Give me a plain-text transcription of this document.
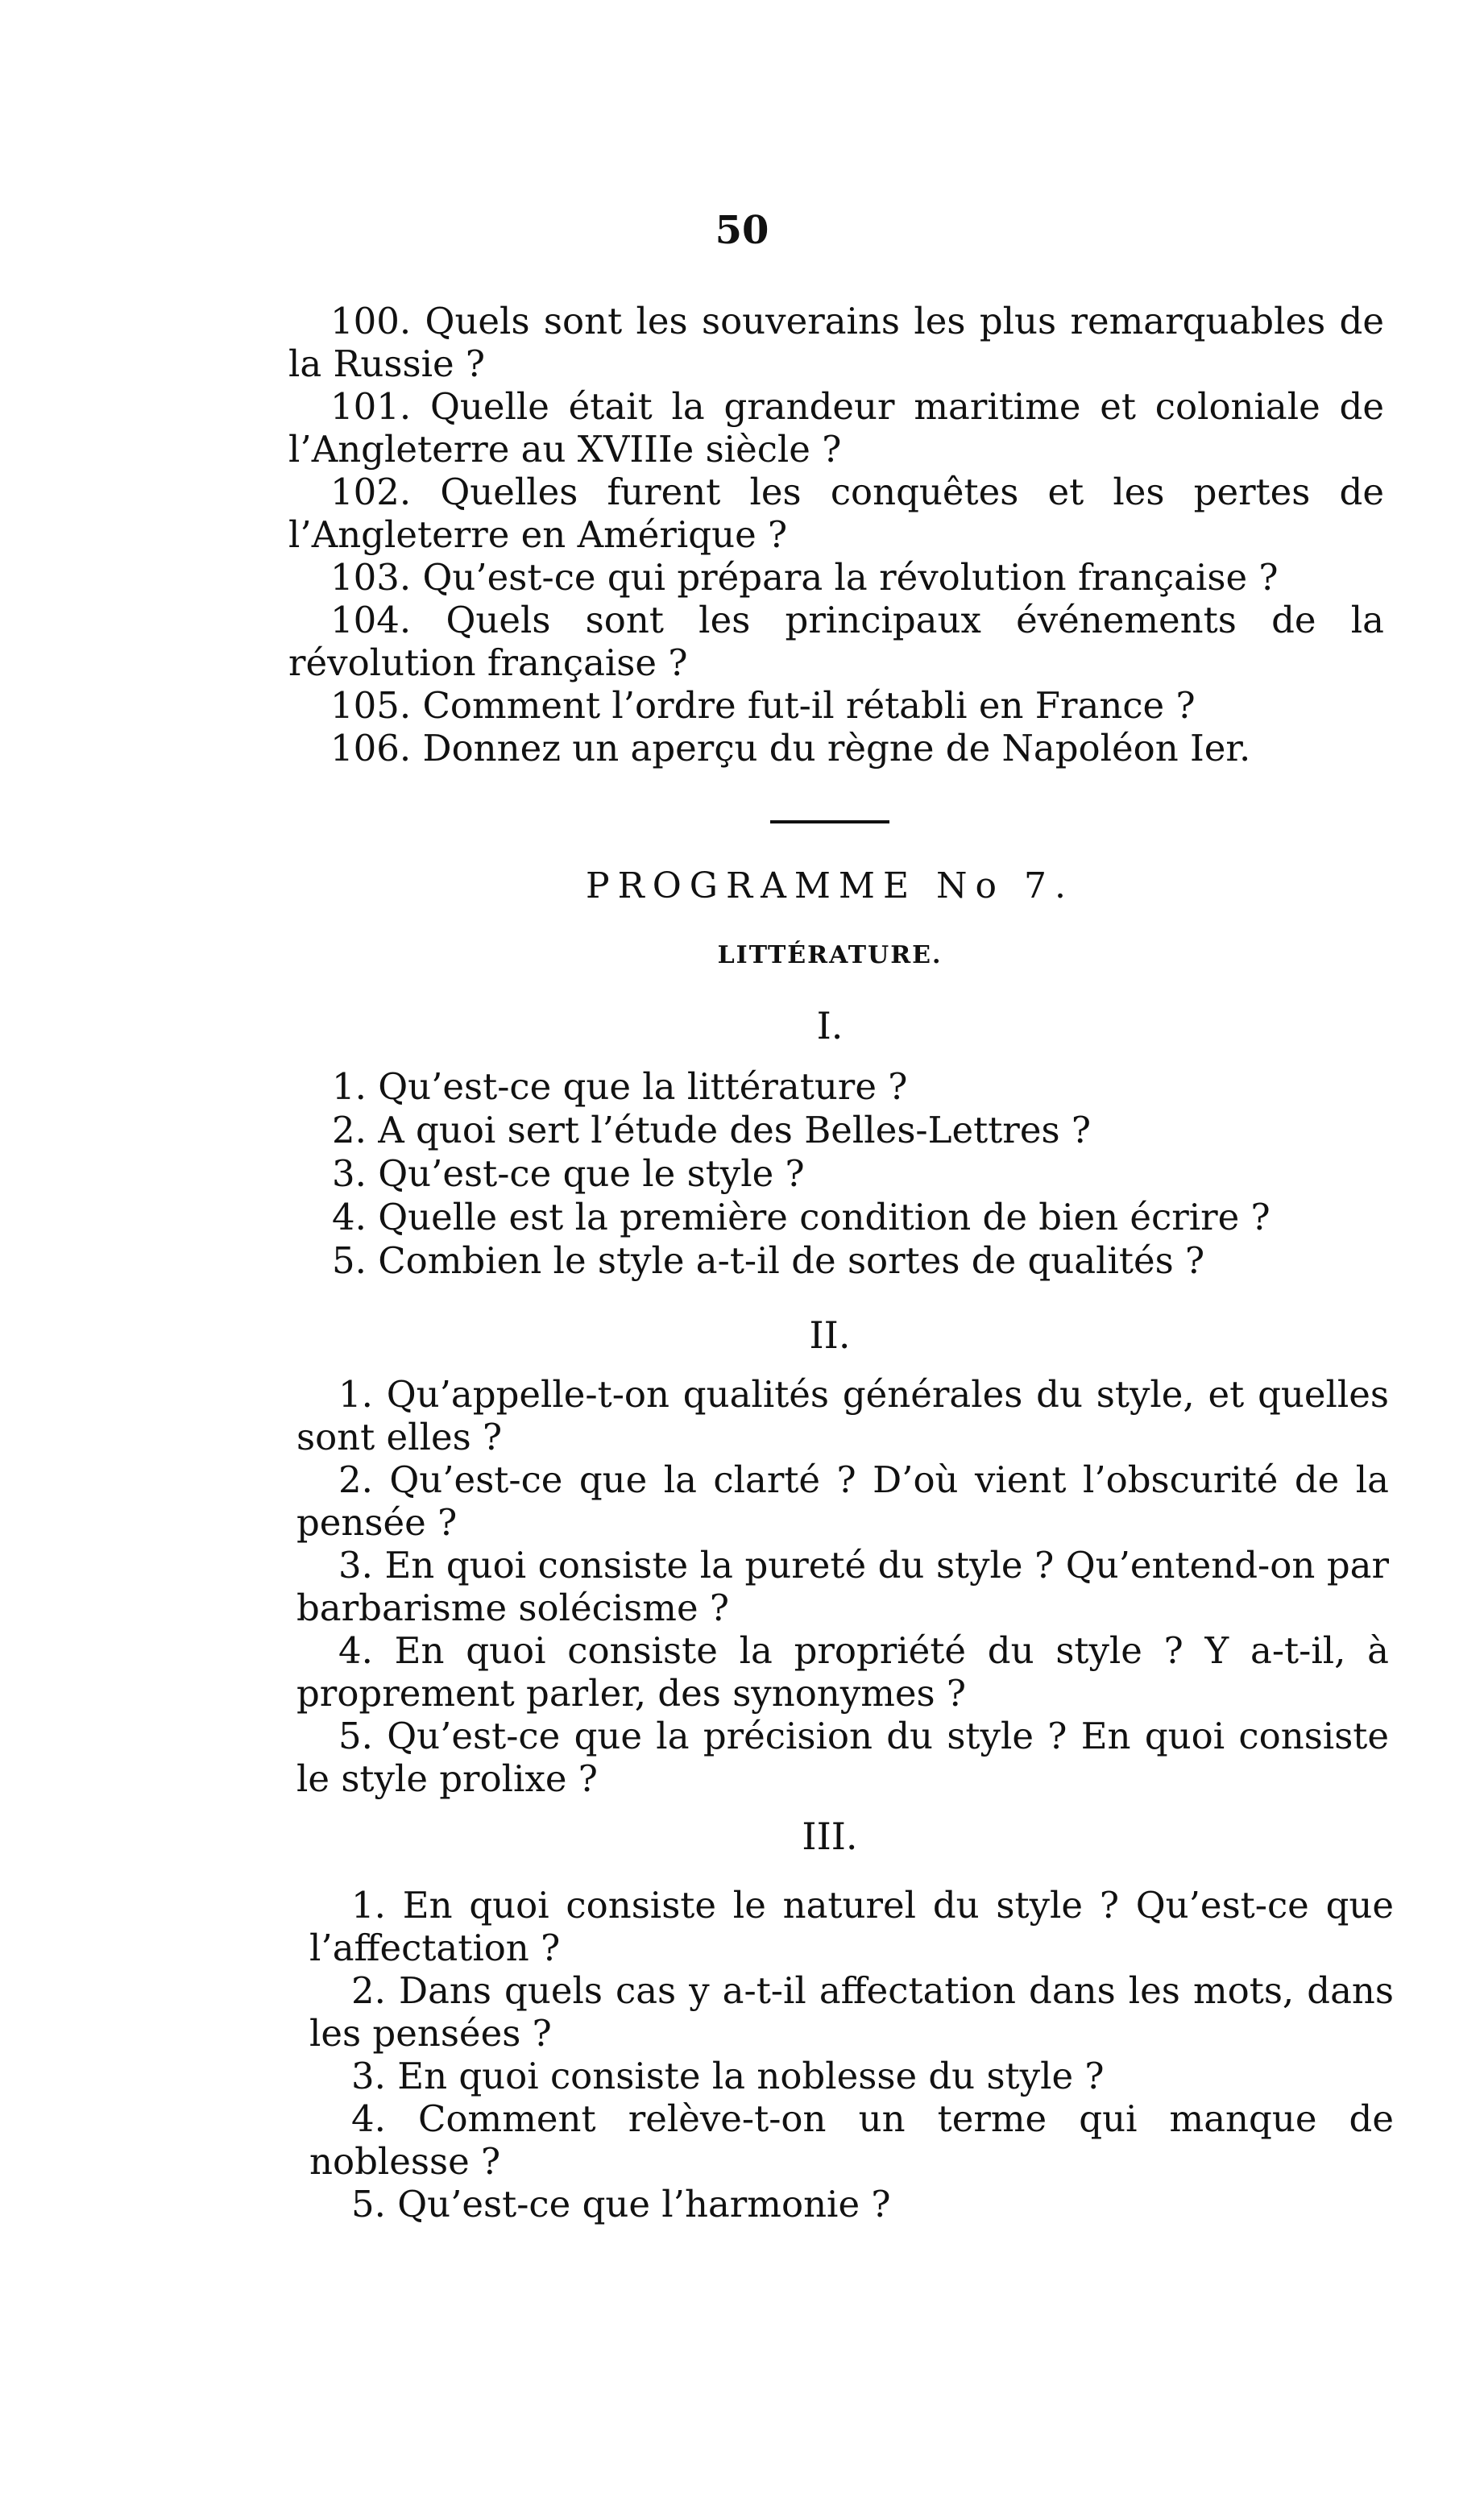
50

100. Quels sont les souverains les plus remarquables de la Russie ?

101. Quelle était la grandeur maritime et coloniale de l’Angleterre au XVIIIe siècle ?

102. Quelles furent les conquêtes et les pertes de l’Angleterre en Amérique ?

103. Qu’est-ce qui prépara la révolution française ?

104. Quels sont les principaux événements de la révolution française ?

105. Comment l’ordre fut-il rétabli en France ?

106. Donnez un aperçu du règne de Napoléon Ier.

PROGRAMME No 7.
LITTÉRATURE.
I.

1. Qu’est-ce que la littérature ?

2. A quoi sert l’étude des Belles-Lettres ?

3. Qu’est-ce que le style ?

4. Quelle est la première condition de bien écrire ?

5. Combien le style a-t-il de sortes de qualités ?

II.

1. Qu’appelle-t-on qualités générales du style, et quelles sont elles ?

2. Qu’est-ce que la clarté ? D’où vient l’obscurité de la pensée ?

3. En quoi consiste la pureté du style ? Qu’entend-on par barbarisme solécisme ?

4. En quoi consiste la propriété du style ? Y a-t-il, à proprement parler, des synonymes ?

5. Qu’est-ce que la précision du style ? En quoi consiste le style prolixe ?

III.

1. En quoi consiste le naturel du style ? Qu’est-ce que l’affectation ?

2. Dans quels cas y a-t-il affectation dans les mots, dans les pensées ?

3. En quoi consiste la noblesse du style ?

4. Comment relève-t-on un terme qui manque de noblesse ?

5. Qu’est-ce que l’harmonie ?
